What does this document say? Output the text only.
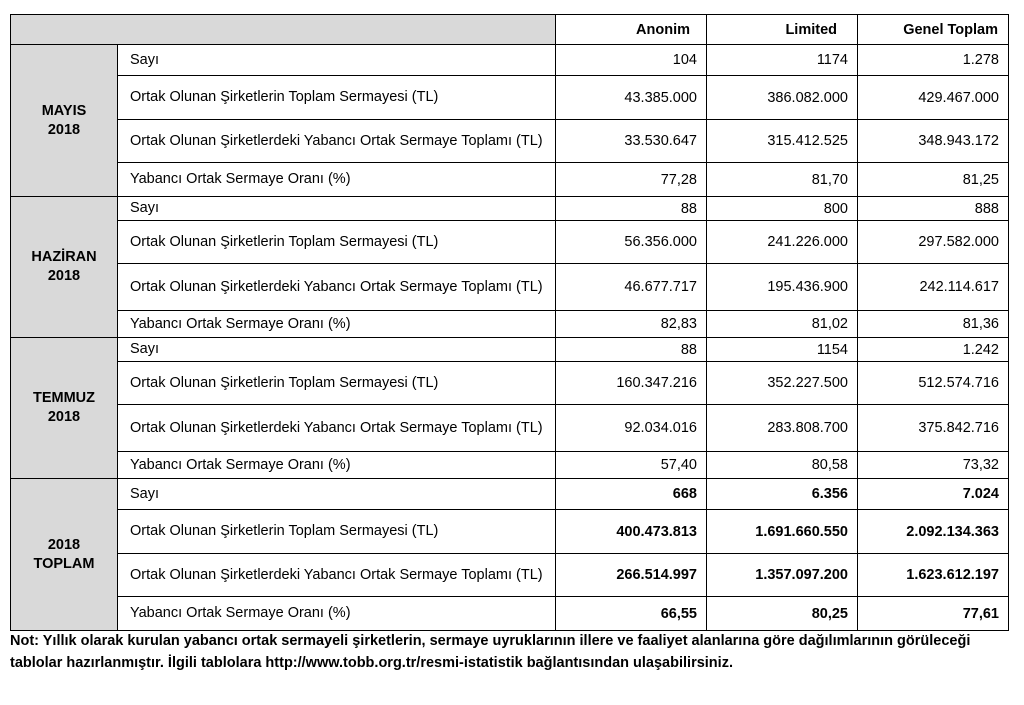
		Anonim	Limited	Genel Toplam

MAYIS
2018	Sayı	104	1174	1.278
	Ortak Olunan Şirketlerin Toplam Sermayesi (TL)	43.385.000	386.082.000	429.467.000
	Ortak Olunan Şirketlerdeki Yabancı Ortak Sermaye Toplamı (TL)	33.530.647	315.412.525	348.943.172
	Yabancı Ortak Sermaye Oranı (%)	77,28	81,70	81,25

HAZİRAN
2018	Sayı	88	800	888
	Ortak Olunan Şirketlerin Toplam Sermayesi (TL)	56.356.000	241.226.000	297.582.000
	Ortak Olunan Şirketlerdeki Yabancı Ortak Sermaye Toplamı (TL)	46.677.717	195.436.900	242.114.617
	Yabancı Ortak Sermaye Oranı (%)	82,83	81,02	81,36

TEMMUZ
2018	Sayı	88	1154	1.242
	Ortak Olunan Şirketlerin Toplam Sermayesi (TL)	160.347.216	352.227.500	512.574.716
	Ortak Olunan Şirketlerdeki Yabancı Ortak Sermaye Toplamı (TL)	92.034.016	283.808.700	375.842.716
	Yabancı Ortak Sermaye Oranı (%)	57,40	80,58	73,32

2018
TOPLAM	Sayı	668	6.356	7.024
	Ortak Olunan Şirketlerin Toplam Sermayesi (TL)	400.473.813	1.691.660.550	2.092.134.363
	Ortak Olunan Şirketlerdeki Yabancı Ortak Sermaye Toplamı (TL)	266.514.997	1.357.097.200	1.623.612.197
	Yabancı Ortak Sermaye Oranı (%)	66,55	80,25	77,61
Not: Yıllık olarak kurulan yabancı ortak sermayeli şirketlerin, sermaye uyruklarının illere ve faaliyet alanlarına göre dağılımlarının görüleceği tablolar hazırlanmıştır. İlgili tablolara http://www.tobb.org.tr/resmi-istatistik bağlantısından ulaşabilirsiniz.
